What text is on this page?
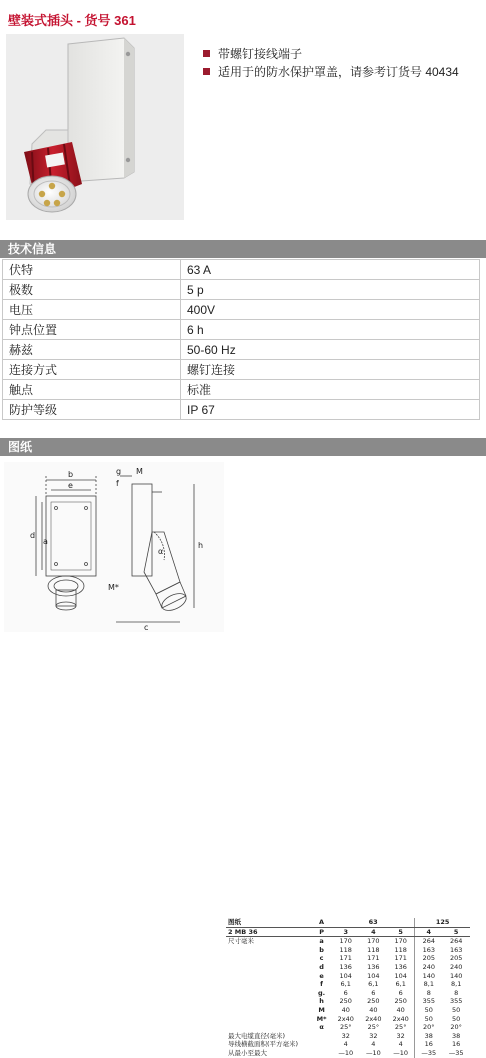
壁装式插头 - 货号 361
带螺钉接线端子
适用于的防水保护罩盖，请参考订货号 40434
技术信息
伏特	63 A
极数	5 p
电压	400V
钟点位置	6 h
赫兹	50-60 Hz
连接方式	螺钉连接
触点	标准
防护等级	IP 67
图纸
b
e
d
a
g
f
M
M*
h
c
α
图纸	A	63			125	
2 MB 36	P	3	4	5	4	5
尺寸毫米	a	170	170	170	264	264
	b	118	118	118	163	163
	c	171	171	171	205	205
	d	136	136	136	240	240
	e	104	104	104	140	140
	f	6,1	6,1	6,1	8,1	8,1
	g.	6	6	6	8	8
	h	250	250	250	355	355
	M	40	40	40	50	50
	M*	2x40	2x40	2x40	50	50
	α	25°	25°	25°	20°	20°
最大电缆直径(毫米)		32	32	32	38	38
导线横截面积(平方毫米)		4	4	4	16	16
从最小至最大		—10	—10	—10	—35	—35
